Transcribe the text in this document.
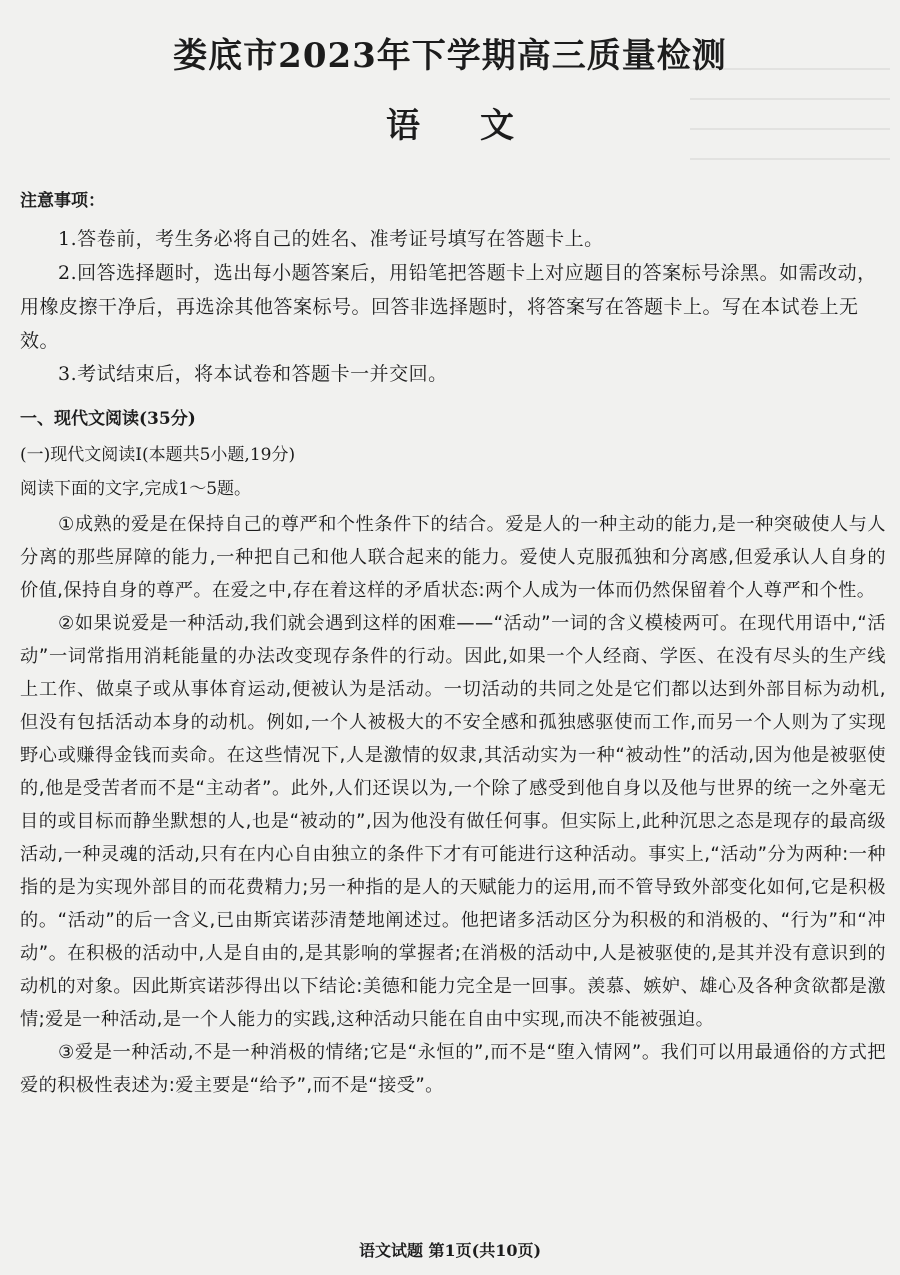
娄底市2023年下学期高三质量检测
语文
注意事项：

1.答卷前，考生务必将自己的姓名、准考证号填写在答题卡上。

2.回答选择题时，选出每小题答案后，用铅笔把答题卡上对应题目的答案标号涂黑。如需改动，用橡皮擦干净后，再选涂其他答案标号。回答非选择题时，将答案写在答题卡上。写在本试卷上无效。

3.考试结束后，将本试卷和答题卡一并交回。

一、现代文阅读(35分)
(一)现代文阅读Ⅰ(本题共5小题,19分)
阅读下面的文字,完成1～5题。

①成熟的爱是在保持自己的尊严和个性条件下的结合。爱是人的一种主动的能力,是一种突破使人与人分离的那些屏障的能力,一种把自己和他人联合起来的能力。爱使人克服孤独和分离感,但爱承认人自身的价值,保持自身的尊严。在爱之中,存在着这样的矛盾状态:两个人成为一体而仍然保留着个人尊严和个性。

②如果说爱是一种活动,我们就会遇到这样的困难——“活动”一词的含义模棱两可。在现代用语中,“活动”一词常指用消耗能量的办法改变现存条件的行动。因此,如果一个人经商、学医、在没有尽头的生产线上工作、做桌子或从事体育运动,便被认为是活动。一切活动的共同之处是它们都以达到外部目标为动机,但没有包括活动本身的动机。例如,一个人被极大的不安全感和孤独感驱使而工作,而另一个人则为了实现野心或赚得金钱而卖命。在这些情况下,人是激情的奴隶,其活动实为一种“被动性”的活动,因为他是被驱使的,他是受苦者而不是“主动者”。此外,人们还误以为,一个除了感受到他自身以及他与世界的统一之外毫无目的或目标而静坐默想的人,也是“被动的”,因为他没有做任何事。但实际上,此种沉思之态是现存的最高级活动,一种灵魂的活动,只有在内心自由独立的条件下才有可能进行这种活动。事实上,“活动”分为两种:一种指的是为实现外部目的而花费精力;另一种指的是人的天赋能力的运用,而不管导致外部变化如何,它是积极的。“活动”的后一含义,已由斯宾诺莎清楚地阐述过。他把诸多活动区分为积极的和消极的、“行为”和“冲动”。在积极的活动中,人是自由的,是其影响的掌握者;在消极的活动中,人是被驱使的,是其并没有意识到的动机的对象。因此斯宾诺莎得出以下结论:美德和能力完全是一回事。羡慕、嫉妒、雄心及各种贪欲都是激情;爱是一种活动,是一个人能力的实践,这种活动只能在自由中实现,而决不能被强迫。

③爱是一种活动,不是一种消极的情绪;它是“永恒的”,而不是“堕入情网”。我们可以用最通俗的方式把爱的积极性表述为:爱主要是“给予”,而不是“接受”。

语文试题 第1页(共10页)
